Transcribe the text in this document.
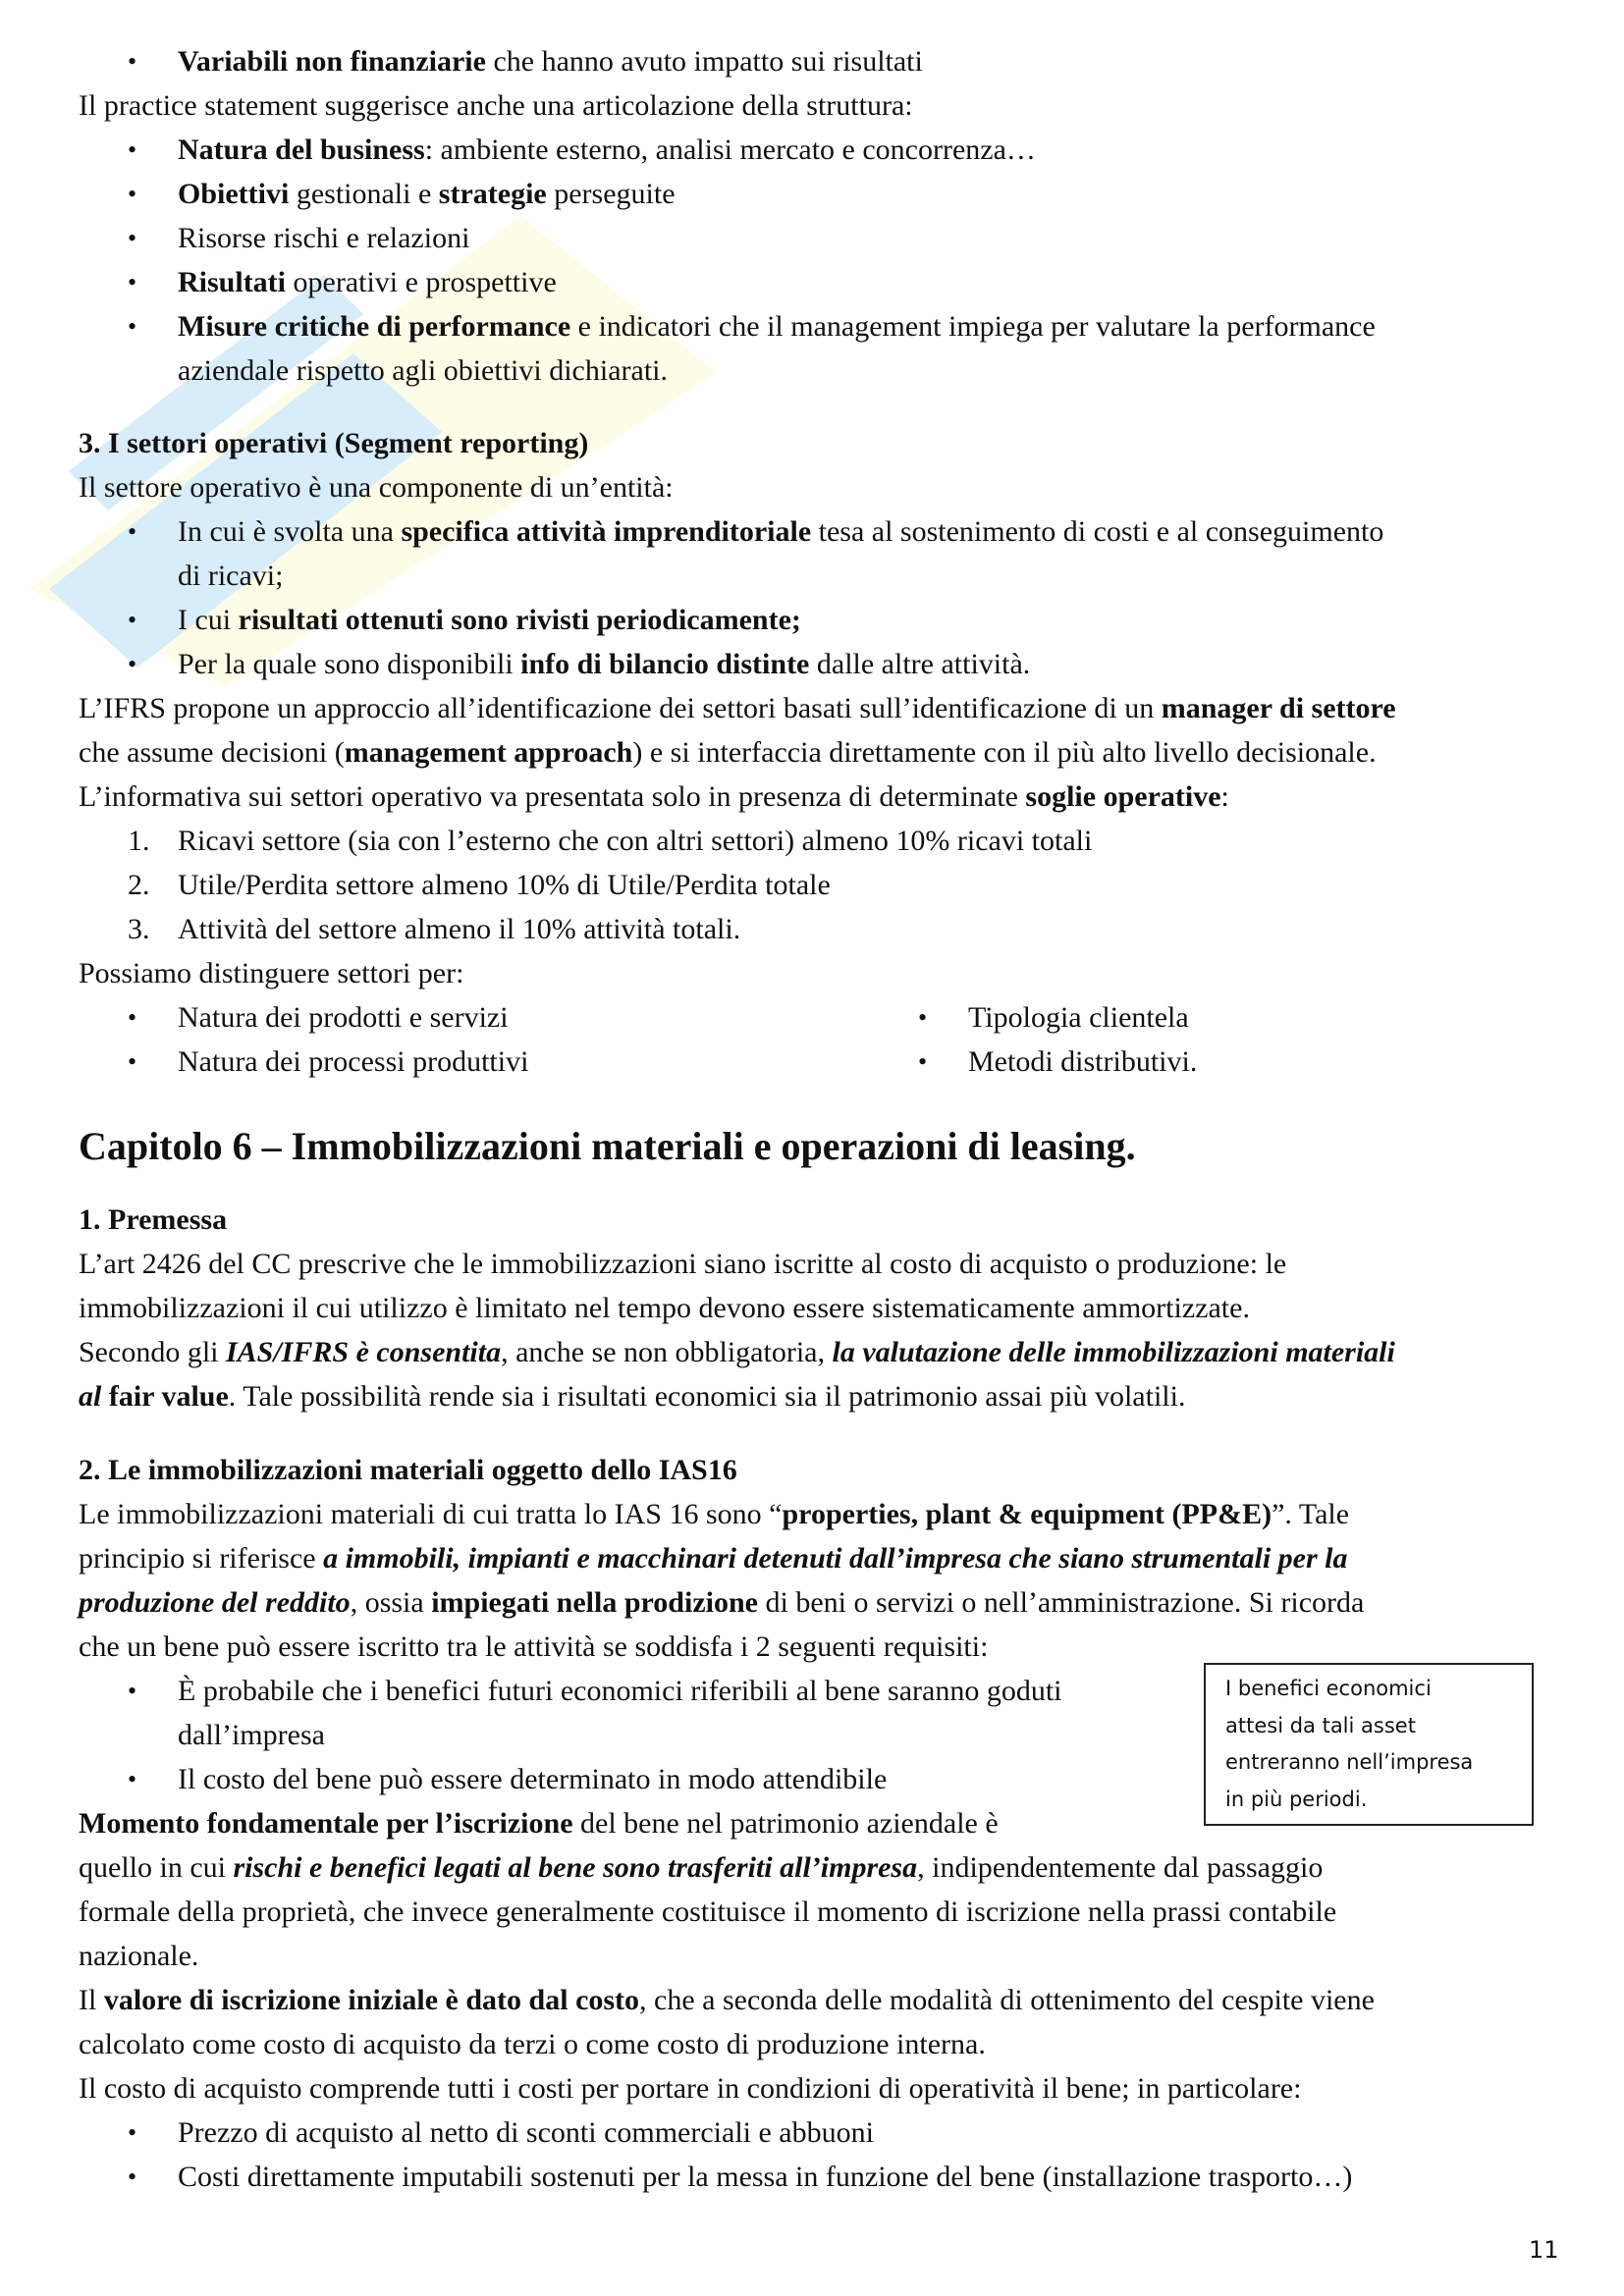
• Variabili non finanziarie che hanno avuto impatto sui risultati
Il practice statement suggerisce anche una articolazione della struttura:
• Natura del business: ambiente esterno, analisi mercato e concorrenza…
• Obiettivi gestionali e strategie perseguite
• Risorse rischi e relazioni
• Risultati operativi e prospettive
• Misure critiche di performance e indicatori che il management impiega per valutare la performance
aziendale rispetto agli obiettivi dichiarati.
3. I settori operativi (Segment reporting)
Il settore operativo è una componente di un’entità:
• In cui è svolta una specifica attività imprenditoriale tesa al sostenimento di costi e al conseguimento
di ricavi;
• I cui risultati ottenuti sono rivisti periodicamente;
• Per la quale sono disponibili info di bilancio distinte dalle altre attività.
L’IFRS propone un approccio all’identificazione dei settori basati sull’identificazione di un manager di settore
che assume decisioni (management approach) e si interfaccia direttamente con il più alto livello decisionale.
L’informativa sui settori operativo va presentata solo in presenza di determinate soglie operative:
1. Ricavi settore (sia con l’esterno che con altri settori) almeno 10% ricavi totali
2. Utile/Perdita settore almeno 10% di Utile/Perdita totale
3. Attività del settore almeno il 10% attività totali.
Possiamo distinguere settori per:
• Natura dei prodotti e servizi
• Natura dei processi produttivi
• Tipologia clientela
• Metodi distributivi.
Capitolo 6 – Immobilizzazioni materiali e operazioni di leasing.
1. Premessa
L’art 2426 del CC prescrive che le immobilizzazioni siano iscritte al costo di acquisto o produzione: le
immobilizzazioni il cui utilizzo è limitato nel tempo devono essere sistematicamente ammortizzate.
Secondo gli IAS/IFRS è consentita, anche se non obbligatoria, la valutazione delle immobilizzazioni materiali
al fair value. Tale possibilità rende sia i risultati economici sia il patrimonio assai più volatili.
2. Le immobilizzazioni materiali oggetto dello IAS16
Le immobilizzazioni materiali di cui tratta lo IAS 16 sono “properties, plant & equipment (PP&E)”. Tale
principio si riferisce a immobili, impianti e macchinari detenuti dall’impresa che siano strumentali per la
produzione del reddito, ossia impiegati nella prodizione di beni o servizi o nell’amministrazione. Si ricorda
che un bene può essere iscritto tra le attività se soddisfa i 2 seguenti requisiti:
I benefici economici
attesi da tali asset
entreranno nell’impresa
in più periodi.
• È probabile che i benefici futuri economici riferibili al bene saranno goduti
dall’impresa
• Il costo del bene può essere determinato in modo attendibile
Momento fondamentale per l’iscrizione del bene nel patrimonio aziendale è
quello in cui rischi e benefici legati al bene sono trasferiti all’impresa, indipendentemente dal passaggio
formale della proprietà, che invece generalmente costituisce il momento di iscrizione nella prassi contabile
nazionale.
Il valore di iscrizione iniziale è dato dal costo, che a seconda delle modalità di ottenimento del cespite viene
calcolato come costo di acquisto da terzi o come costo di produzione interna.
Il costo di acquisto comprende tutti i costi per portare in condizioni di operatività il bene; in particolare:
• Prezzo di acquisto al netto di sconti commerciali e abbuoni
• Costi direttamente imputabili sostenuti per la messa in funzione del bene (installazione trasporto…)
11
